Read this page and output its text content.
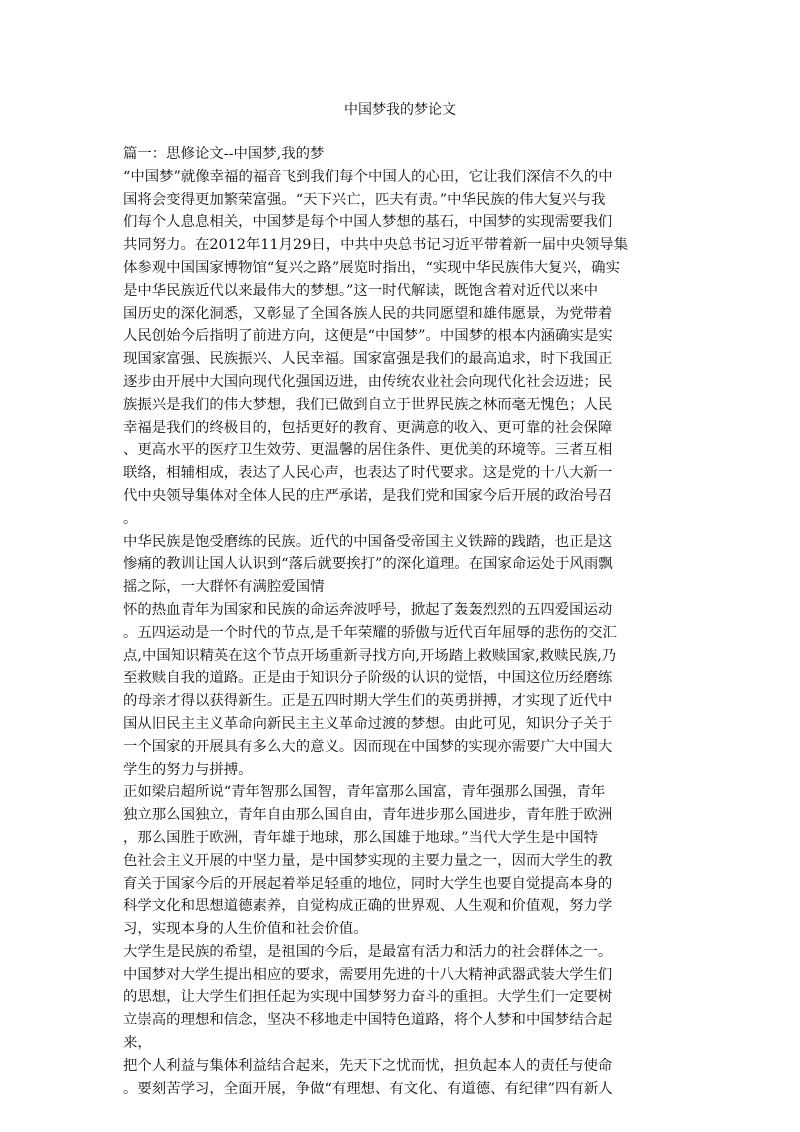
中国梦我的梦论文
篇一：思修论文--中国梦,我的梦
“中国梦”就像幸福的福音飞到我们每个中国人的心田，它让我们深信不久的中
国将会变得更加繁荣富强。“天下兴亡，匹夫有责。”中华民族的伟大复兴与我
们每个人息息相关，中国梦是每个中国人梦想的基石，中国梦的实现需要我们
共同努力。在2012年11月29日，中共中央总书记习近平带着新一届中央领导集
体参观中国国家博物馆“复兴之路”展览时指出，“实现中华民族伟大复兴，确实
是中华民族近代以来最伟大的梦想。”这一时代解读，既饱含着对近代以来中
国历史的深化洞悉，又彰显了全国各族人民的共同愿望和雄伟愿景，为党带着
人民创始今后指明了前进方向，这便是“中国梦”。中国梦的根本内涵确实是实
现国家富强、民族振兴、人民幸福。国家富强是我们的最高追求，时下我国正
逐步由开展中大国向现代化强国迈进，由传统农业社会向现代化社会迈进；民
族振兴是我们的伟大梦想，我们已做到自立于世界民族之林而毫无愧色；人民
幸福是我们的终极目的，包括更好的教育、更满意的收入、更可靠的社会保障
、更高水平的医疗卫生效劳、更温馨的居住条件、更优美的环境等。三者互相
联络，相辅相成，表达了人民心声，也表达了时代要求。这是党的十八大新一
代中央领导集体对全体人民的庄严承诺，是我们党和国家今后开展的政治号召
。
中华民族是饱受磨练的民族。近代的中国备受帝国主义铁蹄的践踏，也正是这
惨痛的教训让国人认识到“落后就要挨打”的深化道理。在国家命运处于风雨飘
摇之际，一大群怀有满腔爱国情
怀的热血青年为国家和民族的命运奔波呼号，掀起了轰轰烈烈的五四爱国运动
。五四运动是一个时代的节点,是千年荣耀的骄傲与近代百年屈辱的悲伤的交汇
点,中国知识精英在这个节点开场重新寻找方向,开场踏上救赎国家,救赎民族,乃
至救赎自我的道路。正是由于知识分子阶级的认识的觉悟，中国这位历经磨练
的母亲才得以获得新生。正是五四时期大学生们的英勇拼搏，才实现了近代中
国从旧民主主义革命向新民主主义革命过渡的梦想。由此可见，知识分子关于
一个国家的开展具有多么大的意义。因而现在中国梦的实现亦需要广大中国大
学生的努力与拼搏。
正如梁启超所说“青年智那么国智，青年富那么国富，青年强那么国强，青年
独立那么国独立，青年自由那么国自由，青年进步那么国进步，青年胜于欧洲
，那么国胜于欧洲，青年雄于地球，那么国雄于地球。”当代大学生是中国特
色社会主义开展的中坚力量，是中国梦实现的主要力量之一，因而大学生的教
育关于国家今后的开展起着举足轻重的地位，同时大学生也要自觉提高本身的
科学文化和思想道德素养，自觉构成正确的世界观、人生观和价值观，努力学
习，实现本身的人生价值和社会价值。
大学生是民族的希望，是祖国的今后，是最富有活力和活力的社会群体之一。
中国梦对大学生提出相应的要求，需要用先进的十八大精神武器武装大学生们
的思想，让大学生们担任起为实现中国梦努力奋斗的重担。大学生们一定要树
立崇高的理想和信念，坚决不移地走中国特色道路，将个人梦和中国梦结合起
来，
把个人利益与集体利益结合起来，先天下之忧而忧，担负起本人的责任与使命
。要刻苦学习，全面开展，争做“有理想、有文化、有道德、有纪律”四有新人
